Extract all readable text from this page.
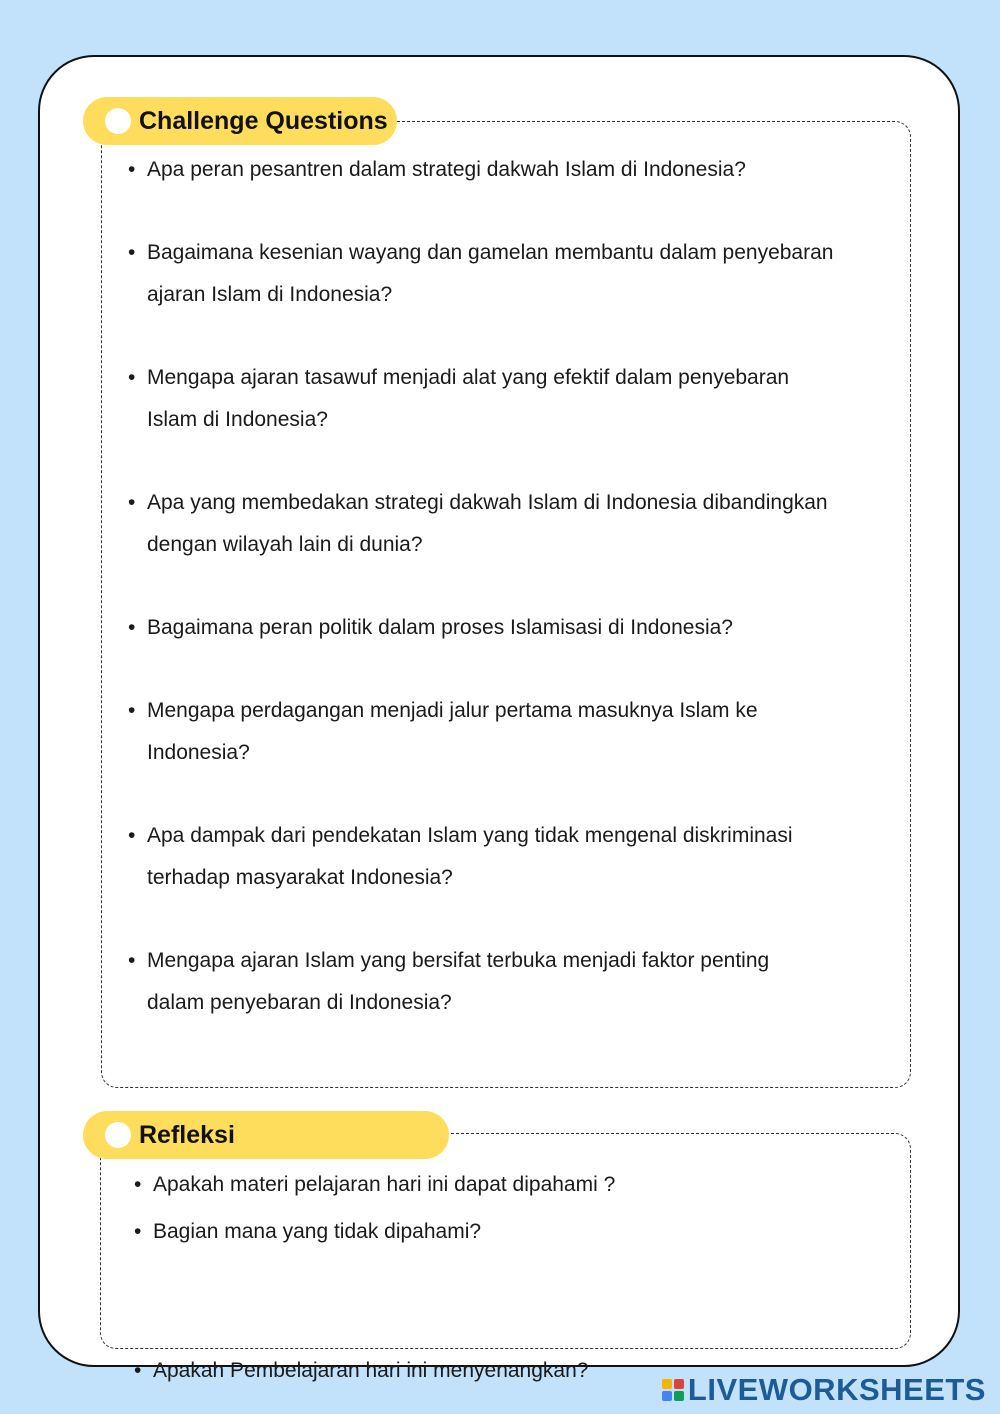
Challenge Questions
• Apa peran pesantren dalam strategi dakwah Islam di Indonesia?
• Bagaimana kesenian wayang dan gamelan membantu dalam penyebaran
ajaran Islam di Indonesia?
• Mengapa ajaran tasawuf menjadi alat yang efektif dalam penyebaran
Islam di Indonesia?
• Apa yang membedakan strategi dakwah Islam di Indonesia dibandingkan
dengan wilayah lain di dunia?
• Bagaimana peran politik dalam proses Islamisasi di Indonesia?
• Mengapa perdagangan menjadi jalur pertama masuknya Islam ke
Indonesia?
• Apa dampak dari pendekatan Islam yang tidak mengenal diskriminasi
terhadap masyarakat Indonesia?
• Mengapa ajaran Islam yang bersifat terbuka menjadi faktor penting
dalam penyebaran di Indonesia?
Refleksi
• Apakah materi pelajaran hari ini dapat dipahami ?
• Bagian mana yang tidak dipahami?
• Apakah Pembelajaran hari ini menyenangkan?
LIVEWORKSHEETS
